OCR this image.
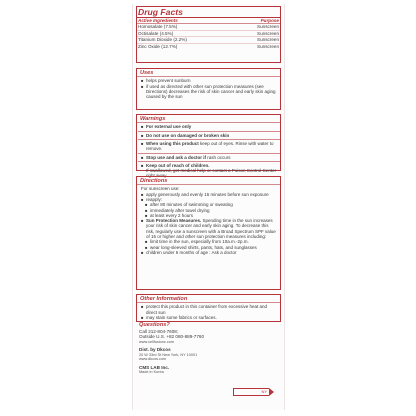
Drug Facts
Active Ingredients	Purpose
Homosalate (7.5%)	Sunscreen
Octisalate (4.5%)	Sunscreen
Titanium Dioxide (2.2%)	Sunscreen
Zinc Oxide (12.7%)	Sunscreen
Uses
■ helps prevent sunburn
■ if used as directed with other sun protection measures (see Directions) decreases the risk of skin cancer and early skin aging caused by the sun
Warnings
■ For external use only
■ Do not use on damaged or broken skin
■ When using this product keep out of eyes. Rinse with water to remove.
■ Stop use and ask a doctor if rash occurs
■ Keep out of reach of children.
If swallowed, get medical help or contact a Poison Control Center right away.
Directions
For sunscreen use:
■ apply generously and evenly 15 minutes before sun exposure
■ reapply:
■ after 80 minutes of swimming or sweating
■ immediately after towel drying
■ at least every 2 hours
■ Sun Protection Measures. Spending time in the sun increases your risk of skin cancer and early skin aging. To decrease this risk, regularly use a sunscreen with a Broad Spectrum SPF value of 15 or higher and other sun protection measures including:
■ limit time in the sun, especially from 10a.m.-2p.m.
■ wear long-sleeved shirts, pants, hats, and sunglasses
■ children under 6 months of age : Ask a doctor
Other Information
■ protect this product in this container from excessive heat and direct sun
■ may stain some fabrics or surfaces.
Questions?
Call 212-804-7608;
Outside U.S. +82 080-889-7760
www.cellfusionc.com
Dist. by Dkcos
20 W 33rd St New York, NY 10001
www.dkcos.com
CMS LAB Inc.
Made in Korea
NY
